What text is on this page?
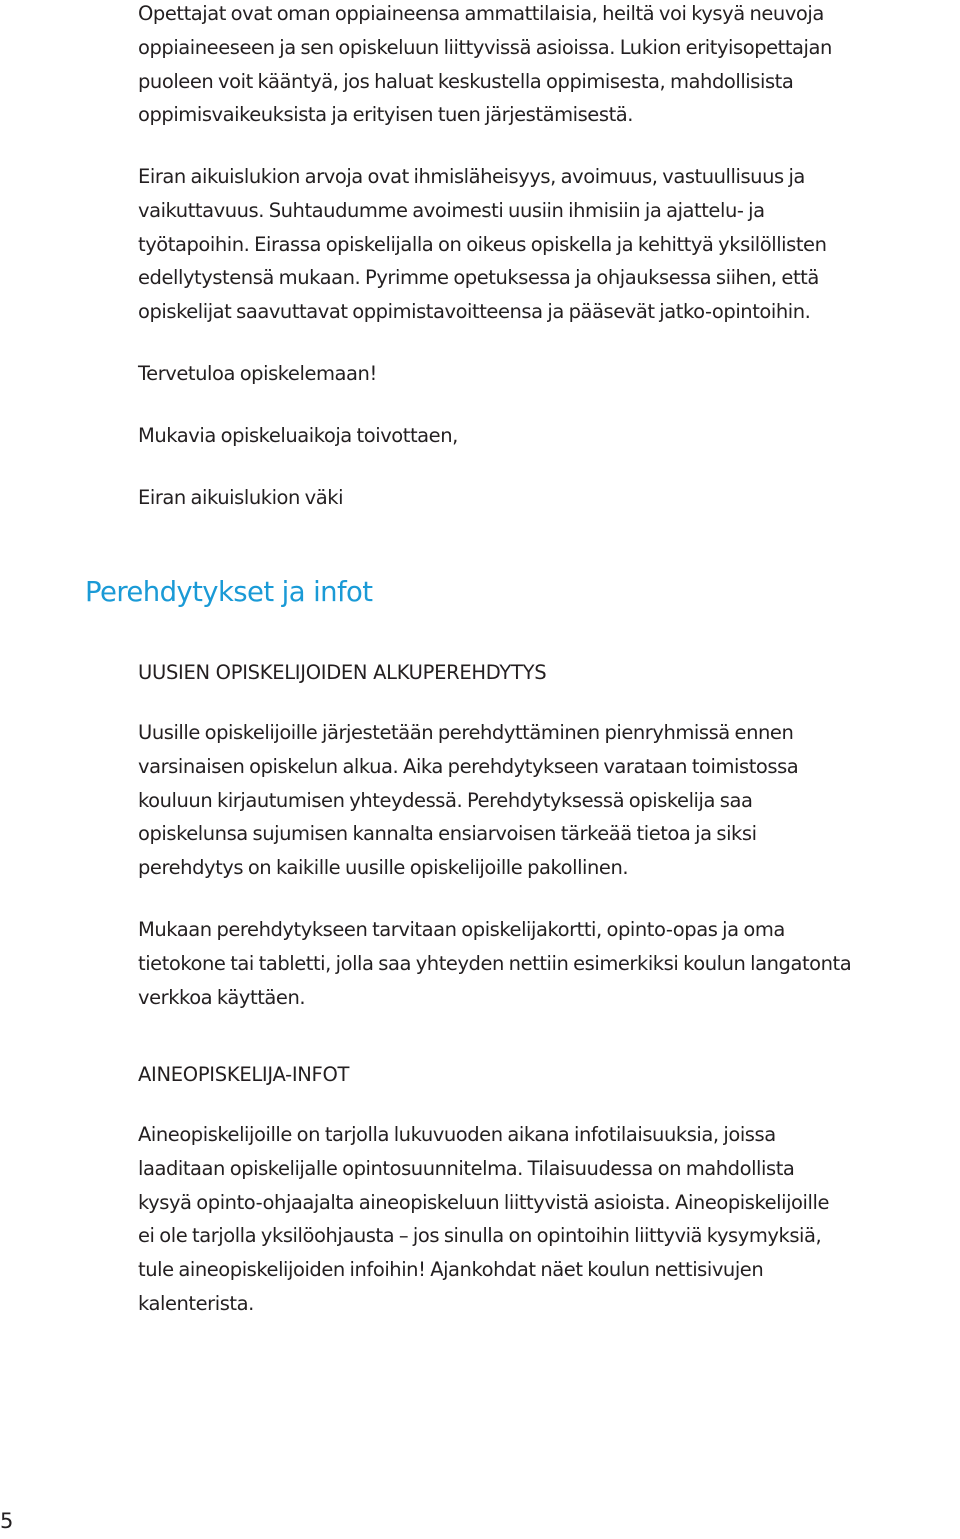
Opettajat ovat oman oppiaineensa ammattilaisia, heiltä voi kysyä neuvoja
oppiaineeseen ja sen opiskeluun liittyvissä asioissa. Lukion erityisopettajan
puoleen voit kääntyä, jos haluat keskustella oppimisesta, mahdollisista
oppimisvaikeuksista ja erityisen tuen järjestämisestä.

Eiran aikuislukion arvoja ovat ihmisläheisyys, avoimuus, vastuullisuus ja
vaikuttavuus. Suhtaudumme avoimesti uusiin ihmisiin ja ajattelu- ja
työtapoihin. Eirassa opiskelijalla on oikeus opiskella ja kehittyä yksilöllisten
edellytystensä mukaan. Pyrimme opetuksessa ja ohjauksessa siihen, että
opiskelijat saavuttavat oppimistavoitteensa ja pääsevät jatko-opintoihin.

Tervetuloa opiskelemaan!

Mukavia opiskeluaikoja toivottaen,

Eiran aikuislukion väki

Perehdytykset ja infot
UUSIEN OPISKELIJOIDEN ALKUPEREHDYTYS

Uusille opiskelijoille järjestetään perehdyttäminen pienryhmissä ennen
varsinaisen opiskelun alkua. Aika perehdytykseen varataan toimistossa
kouluun kirjautumisen yhteydessä. Perehdytyksessä opiskelija saa
opiskelunsa sujumisen kannalta ensiarvoisen tärkeää tietoa ja siksi
perehdytys on kaikille uusille opiskelijoille pakollinen.

Mukaan perehdytykseen tarvitaan opiskelijakortti, opinto-opas ja oma
tietokone tai tabletti, jolla saa yhteyden nettiin esimerkiksi koulun langatonta
verkkoa käyttäen.

AINEOPISKELIJA-INFOT

Aineopiskelijoille on tarjolla lukuvuoden aikana infotilaisuuksia, joissa
laaditaan opiskelijalle opintosuunnitelma. Tilaisuudessa on mahdollista
kysyä opinto-ohjaajalta aineopiskeluun liittyvistä asioista. Aineopiskelijoille
ei ole tarjolla yksilöohjausta – jos sinulla on opintoihin liittyviä kysymyksiä,
tule aineopiskelijoiden infoihin! Ajankohdat näet koulun nettisivujen
kalenterista.

5
